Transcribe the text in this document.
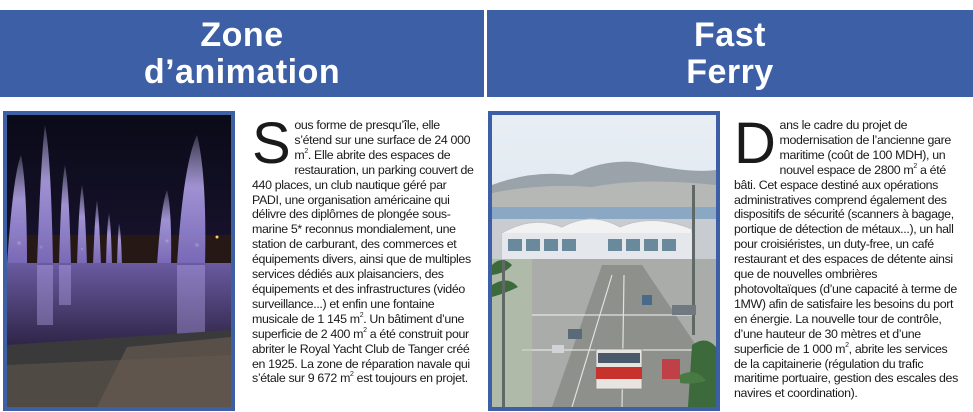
Zone
d’animation
Sous forme de presqu’île, elle s’étend sur une surface de 24 000 $m^2$. Elle abrite des espaces de restauration, un parking couvert de 440 places, un club nautique géré par PADI, une organisation américaine qui délivre des diplômes de plongée sous-marine 5* reconnus mondialement, une station de carburant, des commerces et équipements divers, ainsi que de multiples services dédiés aux plaisanciers, des équipements et des infrastructures (vidéo surveillance...) et enfin une fontaine musicale de 1 145 $m^2$. Un bâtiment d’une superficie de 2 400 $m^2$ a été construit pour abriter le Royal Yacht Club de Tanger créé en 1925. La zone de réparation navale qui s’étale sur 9 672 $m^2$ est toujours en projet.
Fast
Ferry
Dans le cadre du projet de modernisation de l’ancienne gare maritime (coût de 100 MDH), un nouvel espace de 2800 $m^2$ a été bâti. Cet espace destiné aux opérations administratives comprend également des dispositifs de sécurité (scanners à bagage, portique de détection de métaux...), un hall pour croisiéristes, un duty-free, un café restaurant et des espaces de détente ainsi que de nouvelles ombrières photovoltaïques (d’une capacité à terme de 1MW) afin de satisfaire les besoins du port en énergie. La nouvelle tour de contrôle, d’une hauteur de 30 mètres et d’une superficie de 1 000 $m^2$, abrite les services de la capitainerie (régulation du trafic maritime portuaire, gestion des escales des navires et coordination).
